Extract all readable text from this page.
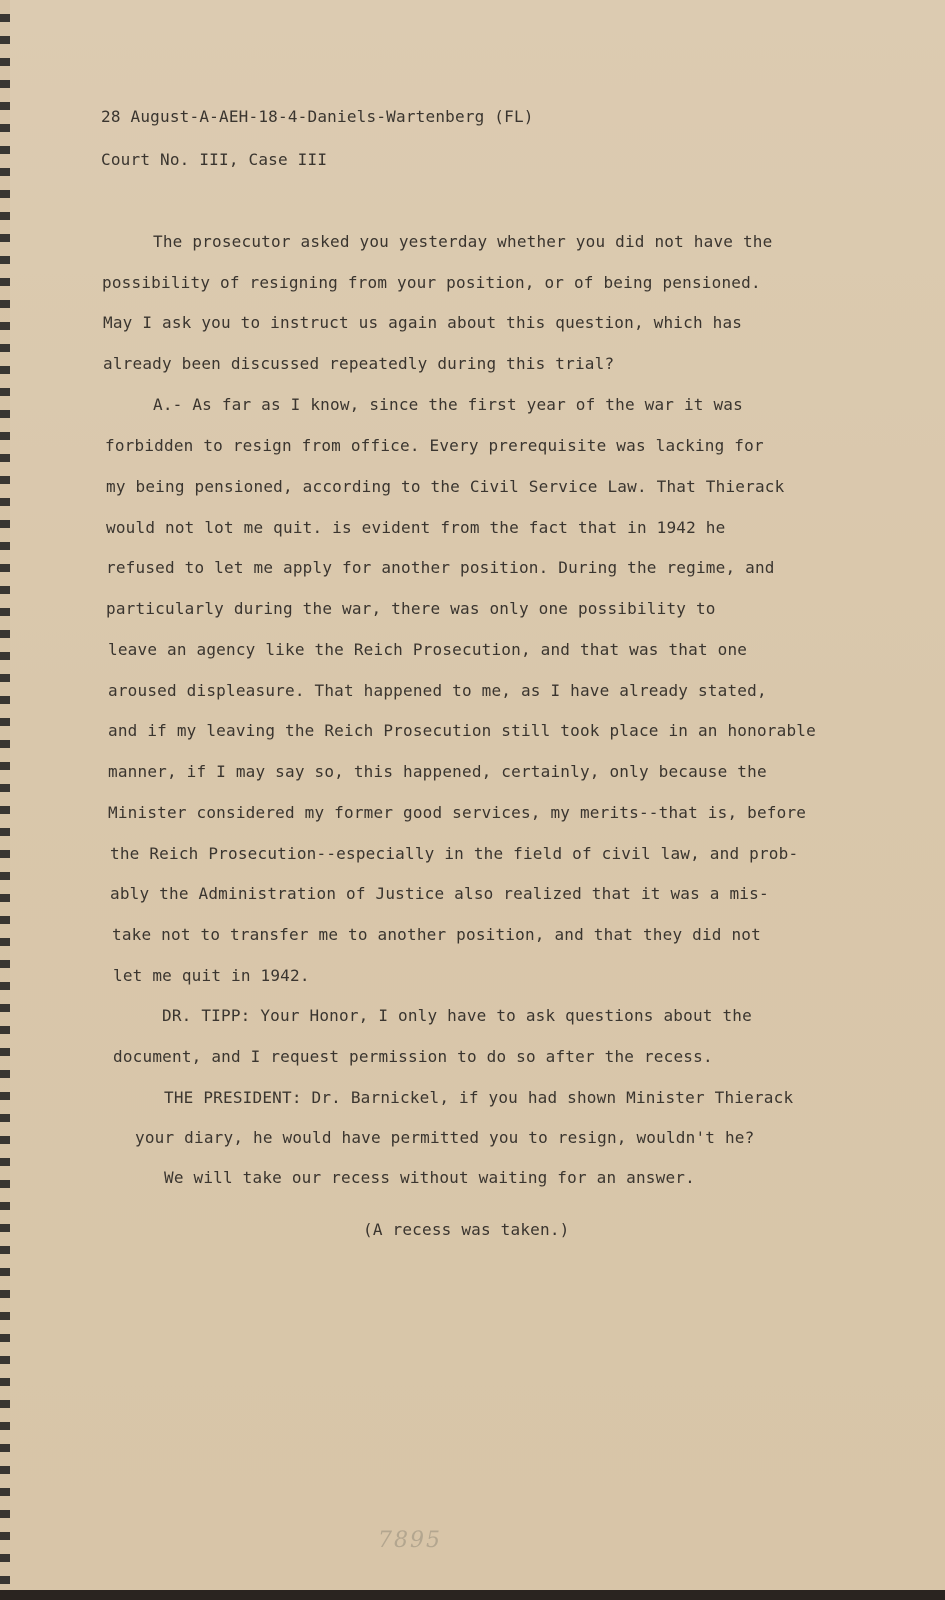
28 August-A-AEH-18-4-Daniels-Wartenberg (FL)
Court No. III, Case III
The prosecutor asked you yesterday whether you did not have the
possibility of resigning from your position, or of being pensioned.
May I ask you to instruct us again about this question, which has
already been discussed repeatedly during this trial?
A.- As far as I know, since the first year of the war it was
forbidden to resign from office. Every prerequisite was lacking for
my being pensioned, according to the Civil Service Law. That Thierack
would not lot me quit. is evident from the fact that in 1942 he
refused to let me apply for another position. During the regime, and
particularly during the war, there was only one possibility to
leave an agency like the Reich Prosecution, and that was that one
aroused displeasure. That happened to me, as I have already stated,
and if my leaving the Reich Prosecution still took place in an honorable
manner, if I may say so, this happened, certainly, only because the
Minister considered my former good services, my merits--that is, before
the Reich Prosecution--especially in the field of civil law, and prob-
ably the Administration of Justice also realized that it was a mis-
take not to transfer me to another position, and that they did not
let me quit in 1942.
DR. TIPP: Your Honor, I only have to ask questions about the
document, and I request permission to do so after the recess.
THE PRESIDENT: Dr. Barnickel, if you had shown Minister Thierack
your diary, he would have permitted you to resign, wouldn't he?
We will take our recess without waiting for an answer.
(A recess was taken.)
7895
